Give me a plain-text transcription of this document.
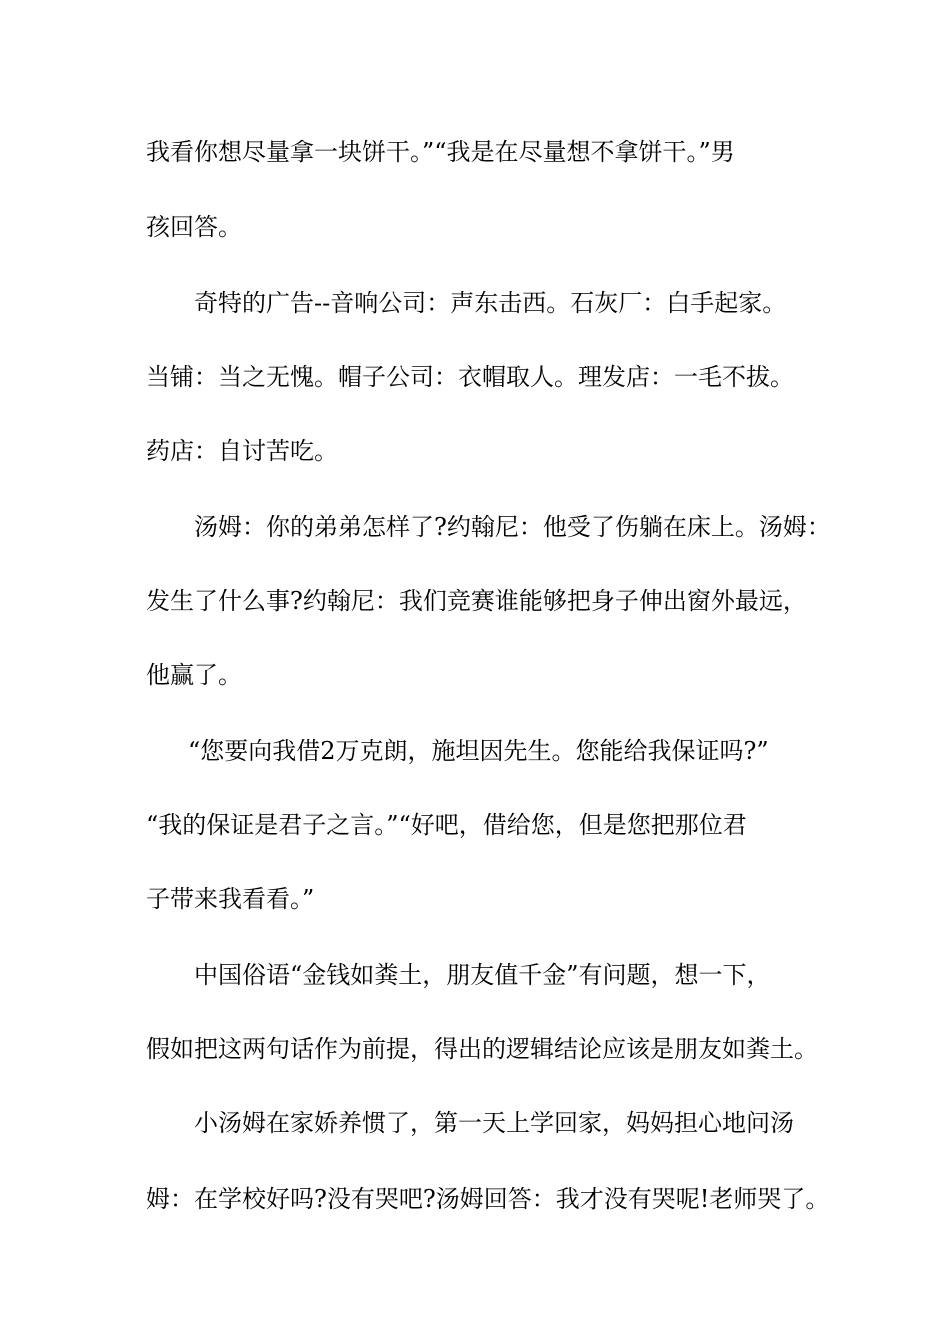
我看你想尽量拿一块饼干。”“我是在尽量想不拿饼干。”男
孩回答。
奇特的广告--音响公司：声东击西。石灰厂：白手起家。
当铺：当之无愧。帽子公司：衣帽取人。理发店：一毛不拔。
药店：自讨苦吃。
汤姆：你的弟弟怎样了?约翰尼：他受了伤躺在床上。汤姆：
发生了什么事?约翰尼：我们竞赛谁能够把身子伸出窗外最远，
他赢了。
“您要向我借2万克朗，施坦因先生。您能给我保证吗?”
“我的保证是君子之言。”“好吧，借给您，但是您把那位君
子带来我看看。”
中国俗语“金钱如粪土，朋友值千金”有问题，想一下，
假如把这两句话作为前提，得出的逻辑结论应该是朋友如粪土。
小汤姆在家娇养惯了，第一天上学回家，妈妈担心地问汤
姆：在学校好吗?没有哭吧?汤姆回答：我才没有哭呢!老师哭了。
